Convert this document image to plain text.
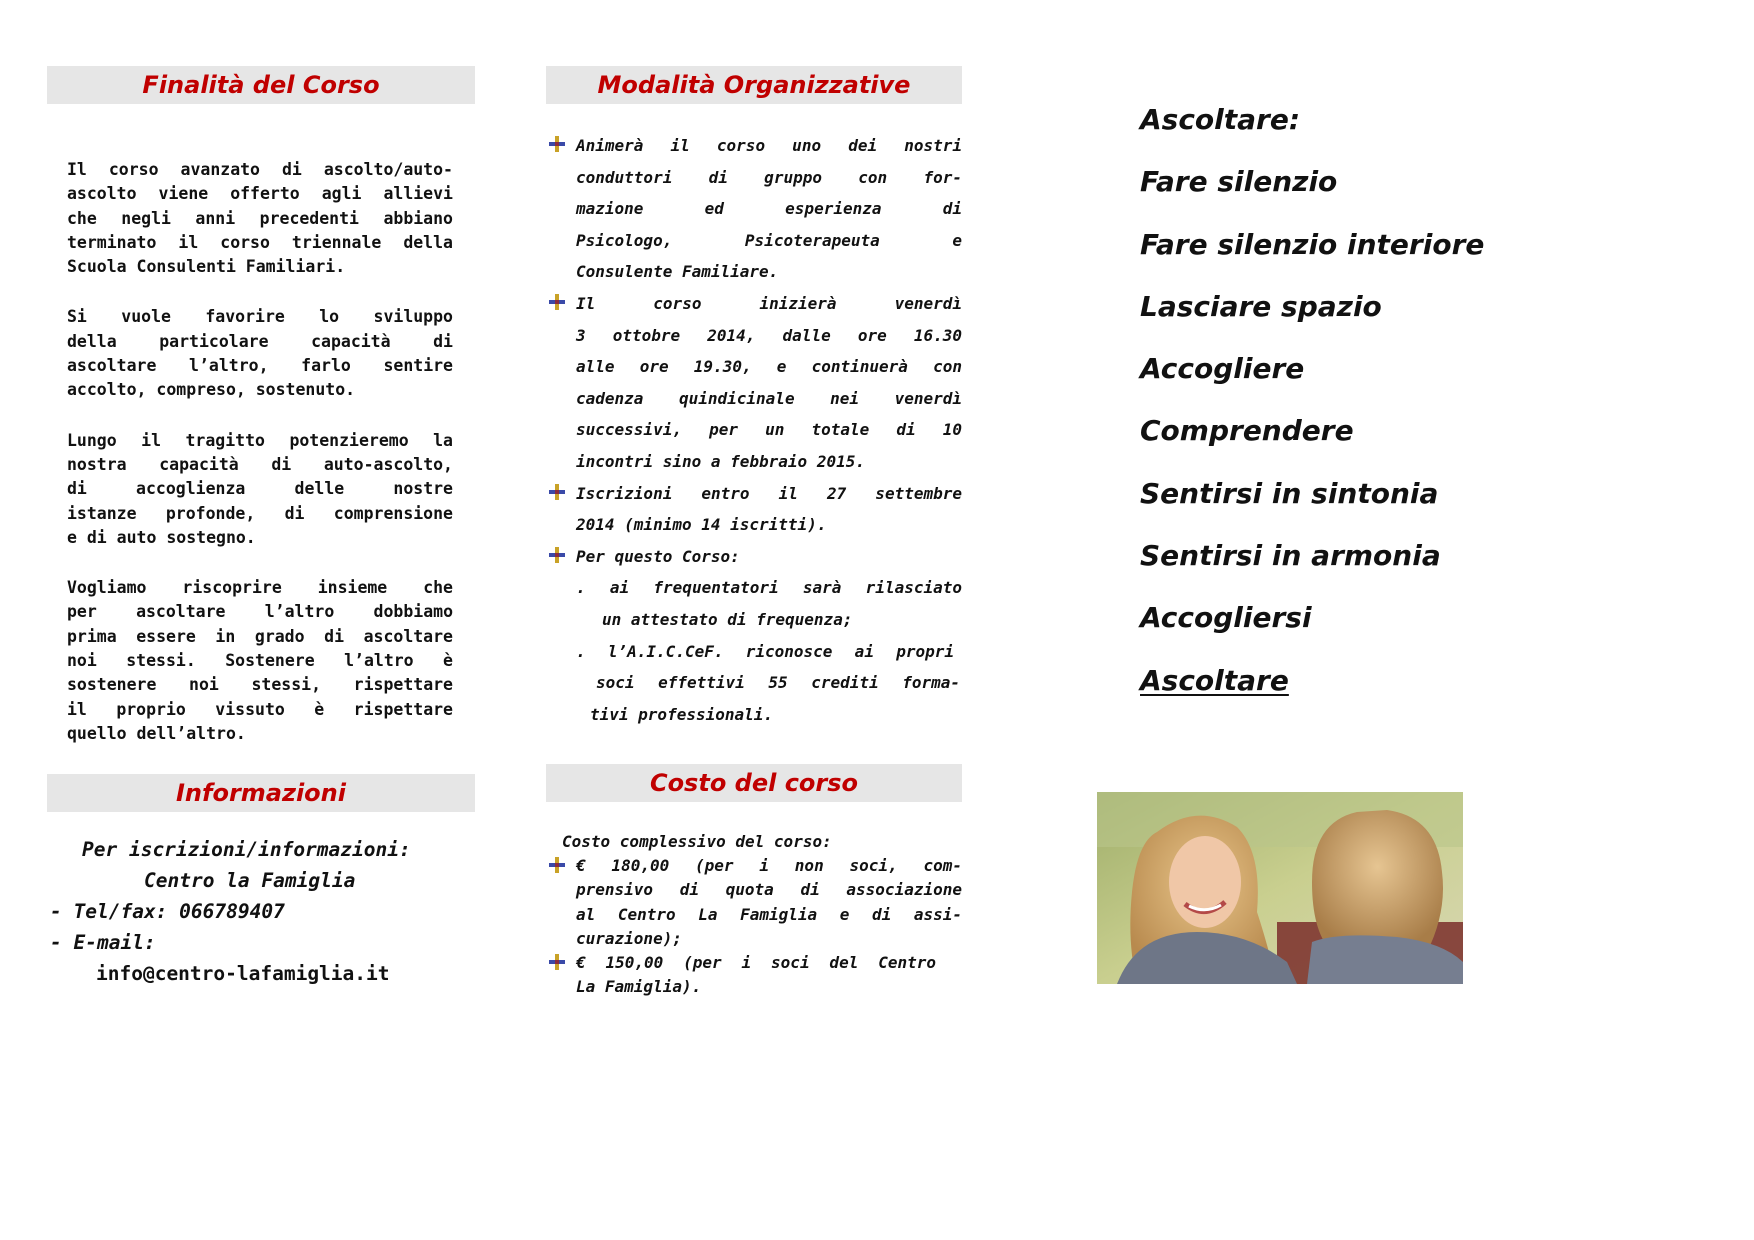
Finalità del Corso
Il corso avanzato di ascolto/auto-
ascolto viene offerto agli allievi
che negli anni precedenti abbiano
terminato il corso triennale della
Scuola Consulenti Familiari.
Si vuole favorire lo sviluppo
della particolare capacità di
ascoltare l’altro, farlo sentire
accolto, compreso, sostenuto.
Lungo il tragitto potenzieremo la
nostra capacità di auto-ascolto,
di accoglienza delle nostre
istanze profonde, di comprensione
e di auto sostegno.
Vogliamo riscoprire insieme che
per ascoltare l’altro dobbiamo
prima essere in grado di ascoltare
noi stessi. Sostenere l’altro è
sostenere noi stessi, rispettare
il proprio vissuto è rispettare
quello dell’altro.
Informazioni
Per iscrizioni/informazioni:
Centro la Famiglia
- Tel/fax: 066789407
- E-mail:
info@centro-lafamiglia.it
Modalità Organizzative
Animerà il corso uno dei nostri
conduttori di gruppo con for-
mazione ed esperienza di
Psicologo, Psicoterapeuta e
Consulente Familiare.
Il corso inizierà venerdì
3 ottobre 2014, dalle ore 16.30
alle ore 19.30, e continuerà con
cadenza quindicinale nei venerdì
successivi, per un totale di 10
incontri sino a febbraio 2015.
Iscrizioni entro il 27 settembre
2014 (minimo 14 iscritti).
Per questo Corso:
. ai frequentatori sarà rilasciato
un attestato di frequenza;
. l’A.I.C.CeF. riconosce ai propri
soci effettivi 55 crediti forma-
tivi professionali.
Costo del corso
Costo complessivo del corso:
€ 180,00 (per i non soci, com-
prensivo di quota di associazione
al Centro La Famiglia e di assi-
curazione);
€ 150,00 (per i soci del Centro
La Famiglia).
Ascoltare:
Fare silenzio
Fare silenzio interiore
Lasciare spazio
Accogliere
Comprendere
Sentirsi in sintonia
Sentirsi in armonia
Accogliersi
Ascoltare
